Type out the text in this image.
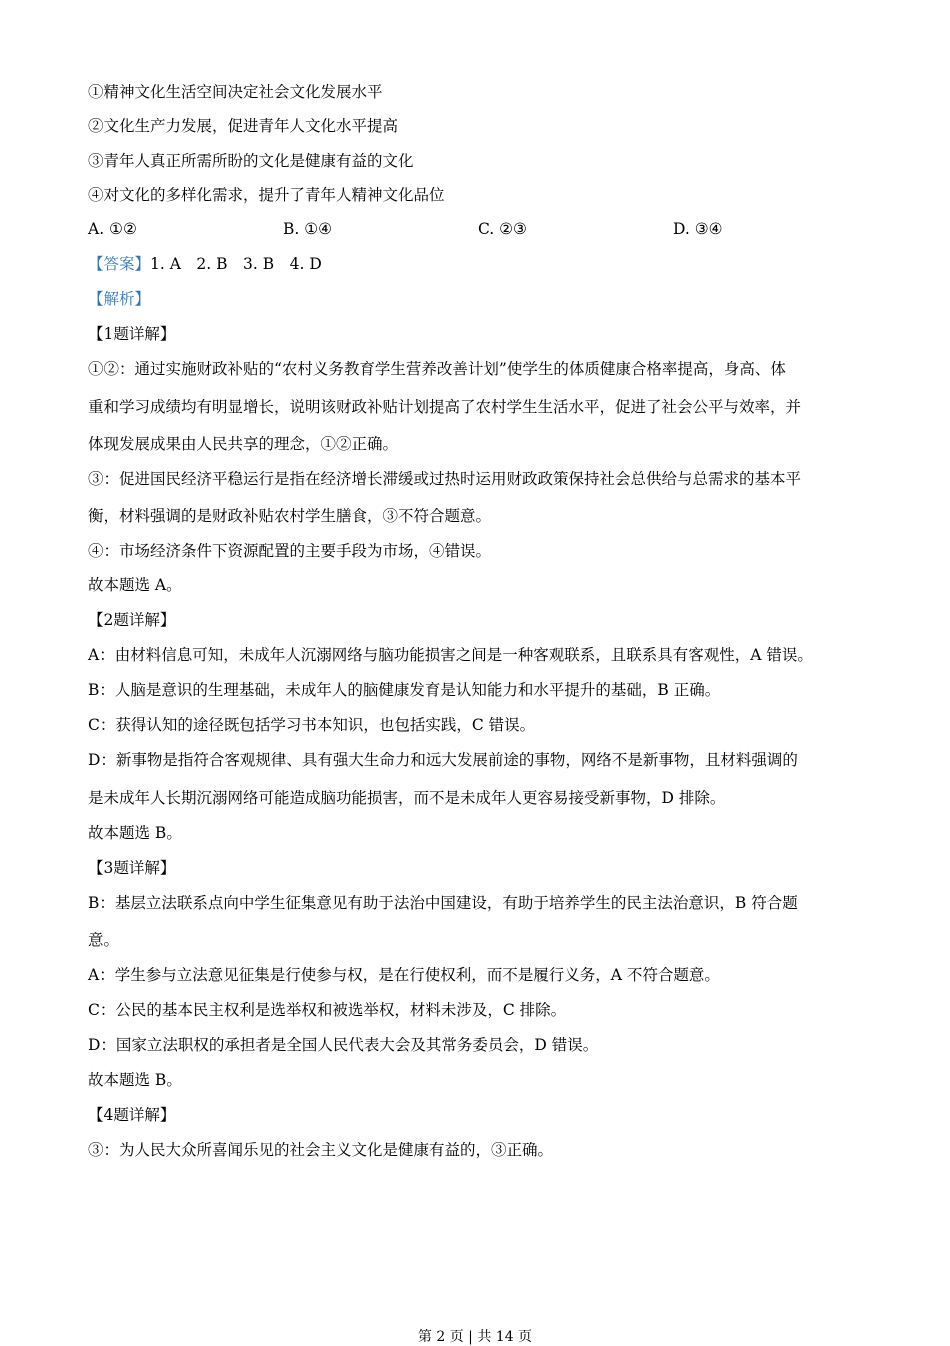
①精神文化生活空间决定社会文化发展水平
②文化生产力发展，促进青年人文化水平提高
③青年人真正所需所盼的文化是健康有益的文化
④对文化的多样化需求，提升了青年人精神文化品位
A. ①②	B. ①④	C. ②③	D. ③④
【答案】1. A　2. B　3. B　4. D
【解析】
【1题详解】
①②：通过实施财政补贴的“农村义务教育学生营养改善计划”使学生的体质健康合格率提高，身高、体
重和学习成绩均有明显增长，说明该财政补贴计划提高了农村学生生活水平，促进了社会公平与效率，并
体现发展成果由人民共享的理念，①②正确。
③：促进国民经济平稳运行是指在经济增长滞缓或过热时运用财政政策保持社会总供给与总需求的基本平
衡，材料强调的是财政补贴农村学生膳食，③不符合题意。
④：市场经济条件下资源配置的主要手段为市场，④错误。
故本题选 A。
【2题详解】
A：由材料信息可知，未成年人沉溺网络与脑功能损害之间是一种客观联系，且联系具有客观性，A 错误。
B：人脑是意识的生理基础，未成年人的脑健康发育是认知能力和水平提升的基础，B 正确。
C：获得认知的途径既包括学习书本知识，也包括实践，C 错误。
D：新事物是指符合客观规律、具有强大生命力和远大发展前途的事物，网络不是新事物，且材料强调的
是未成年人长期沉溺网络可能造成脑功能损害，而不是未成年人更容易接受新事物，D 排除。
故本题选 B。
【3题详解】
B：基层立法联系点向中学生征集意见有助于法治中国建设，有助于培养学生的民主法治意识，B 符合题
意。
A：学生参与立法意见征集是行使参与权，是在行使权利，而不是履行义务，A 不符合题意。
C：公民的基本民主权利是选举权和被选举权，材料未涉及，C 排除。
D：国家立法职权的承担者是全国人民代表大会及其常务委员会，D 错误。
故本题选 B。
【4题详解】
③：为人民大众所喜闻乐见的社会主义文化是健康有益的，③正确。
第 2 页 | 共 14 页
